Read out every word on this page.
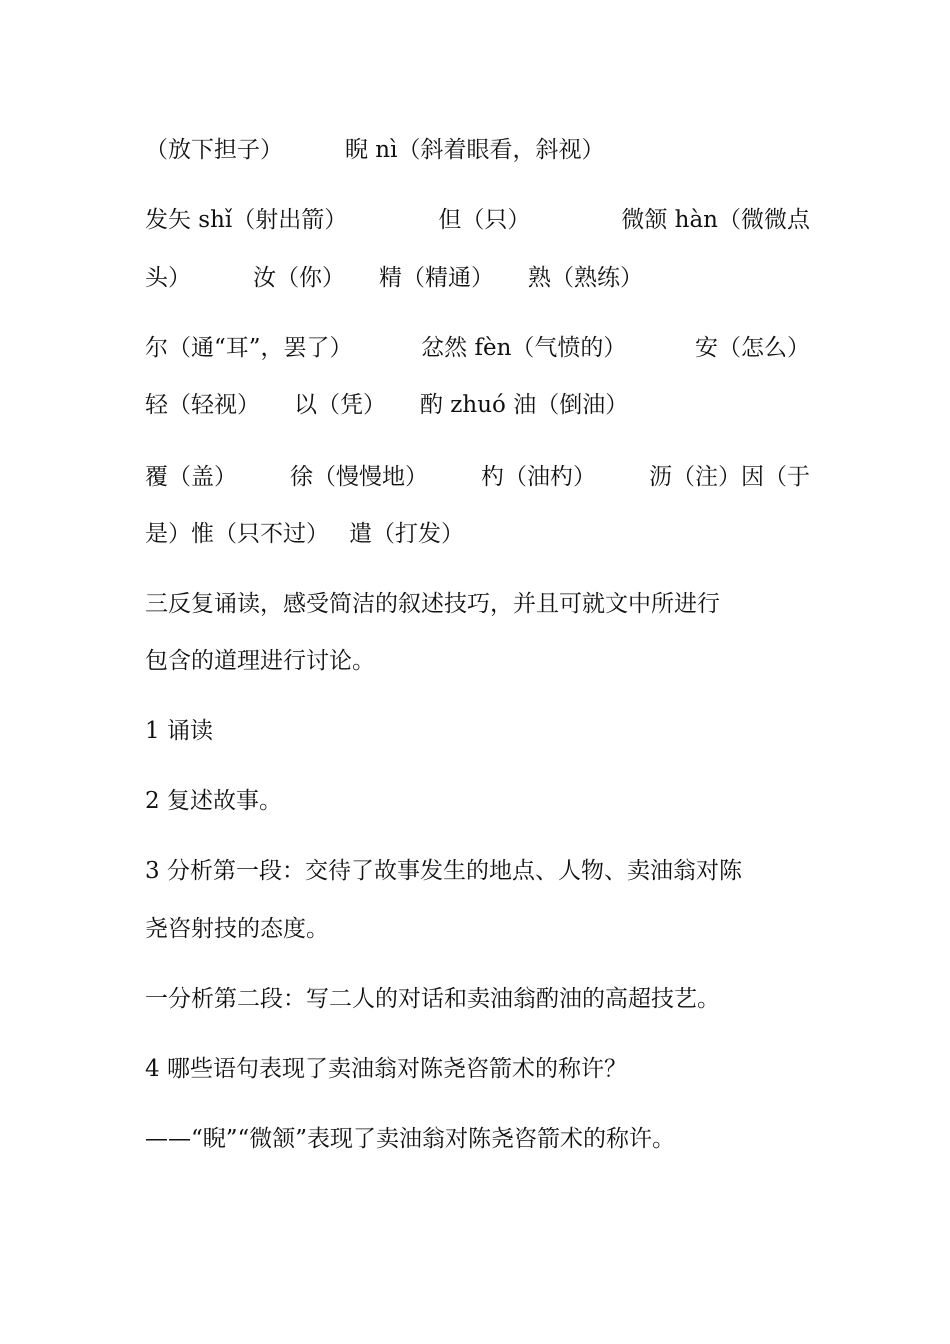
（放下担子）	睨 nì（斜着眼看，斜视）
发矢 shǐ（射出箭）	但（只）	微颔 hàn（微微点
头）	汝（你） 精（精通） 熟（熟练）
尔（通“耳”，罢了）	忿然 fèn（气愤的）	安（怎么）
轻（轻视） 以（凭） 酌 zhuó 油（倒油）
覆（盖） 徐（慢慢地） 杓（油杓） 沥（注）因（于
是）惟（只不过） 遣（打发）
三反复诵读，感受简洁的叙述技巧，并且可就文中所进行
包含的道理进行讨论。
1 诵读
2 复述故事。
3 分析第一段：交待了故事发生的地点、人物、卖油翁对陈
尧咨射技的态度。
一分析第二段：写二人的对话和卖油翁酌油的高超技艺。
4 哪些语句表现了卖油翁对陈尧咨箭术的称许？
——“睨”“微颔”表现了卖油翁对陈尧咨箭术的称许。
